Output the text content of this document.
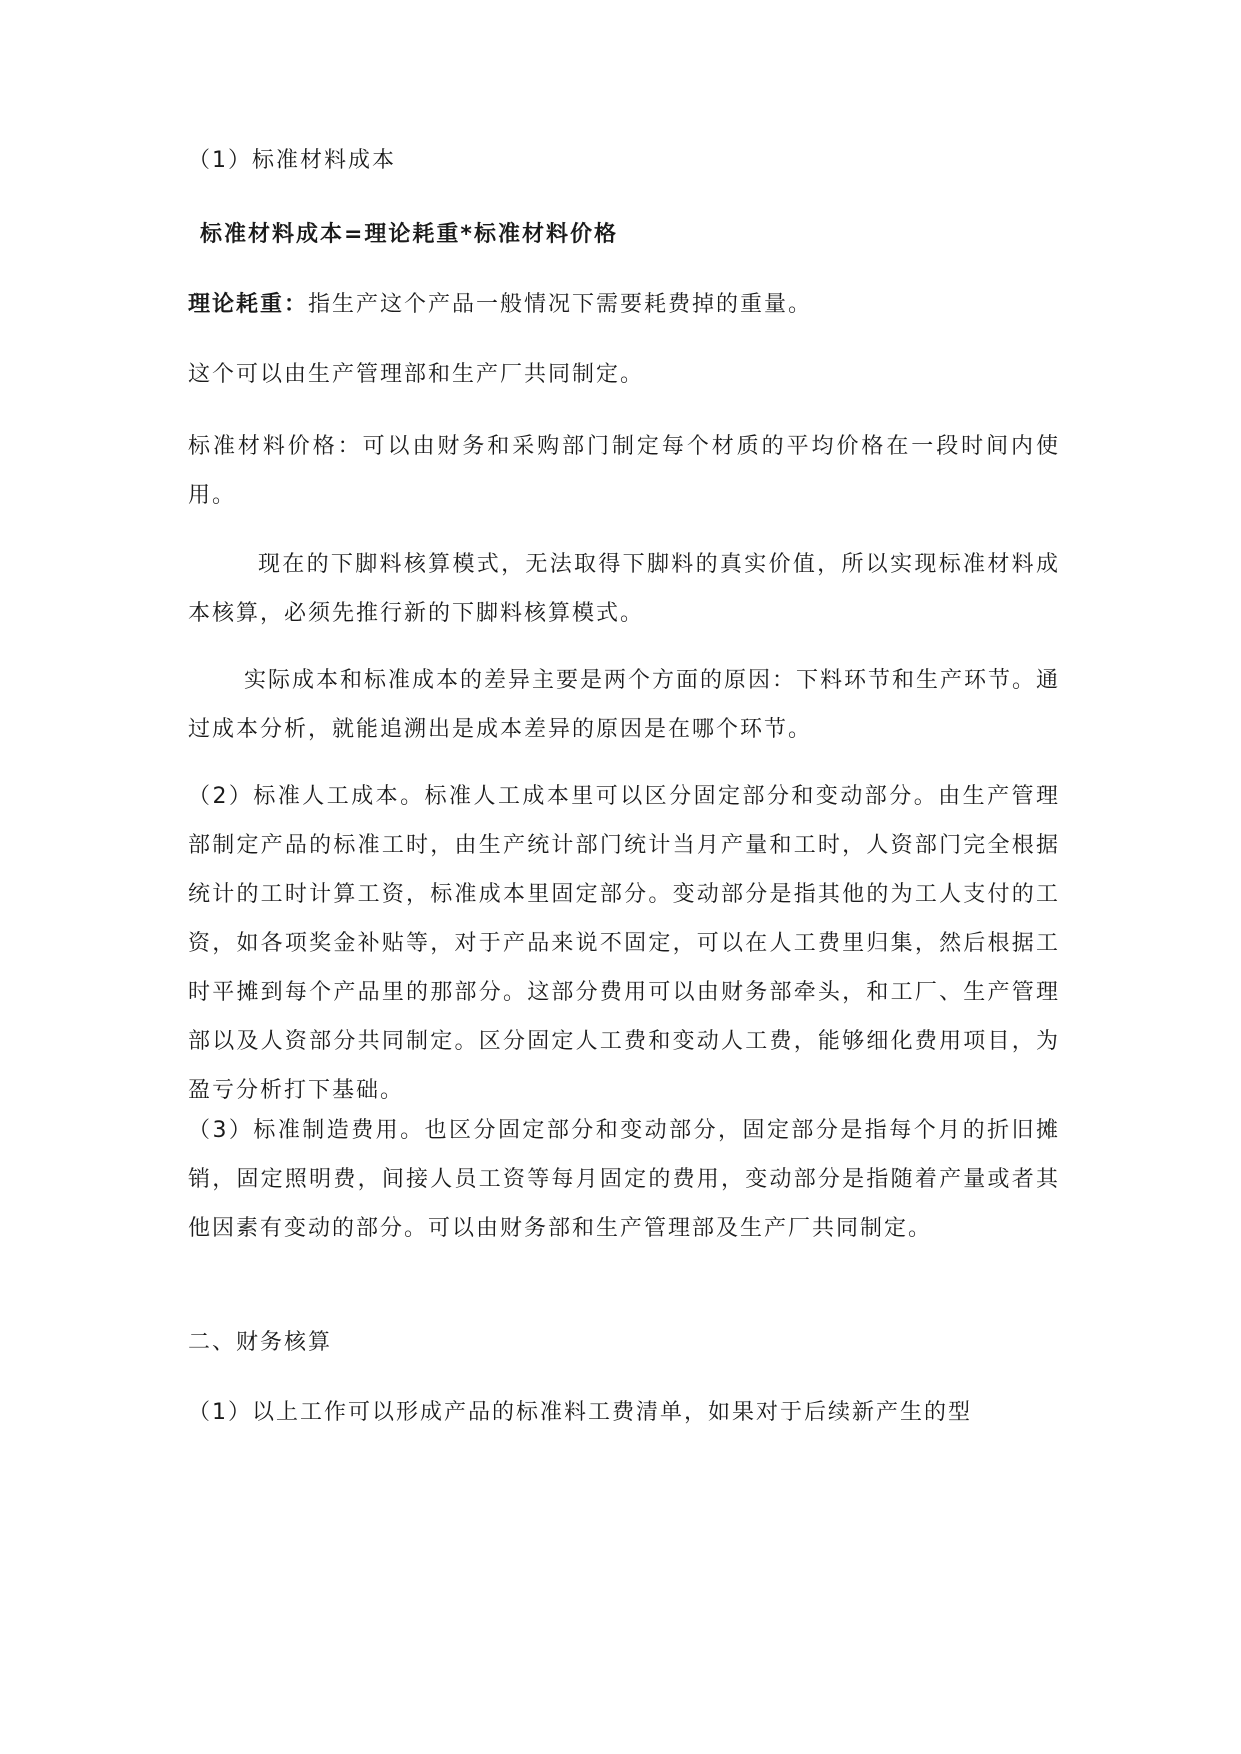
（1）标准材料成本

标准材料成本=理论耗重*标准材料价格

理论耗重：指生产这个产品一般情况下需要耗费掉的重量。

这个可以由生产管理部和生产厂共同制定。

标准材料价格：可以由财务和采购部门制定每个材质的平均价格在一段时间内使用。

现在的下脚料核算模式，无法取得下脚料的真实价值，所以实现标准材料成本核算，必须先推行新的下脚料核算模式。

实际成本和标准成本的差异主要是两个方面的原因：下料环节和生产环节。通过成本分析，就能追溯出是成本差异的原因是在哪个环节。

（2）标准人工成本。标准人工成本里可以区分固定部分和变动部分。由生产管理部制定产品的标准工时，由生产统计部门统计当月产量和工时，人资部门完全根据统计的工时计算工资，标准成本里固定部分。变动部分是指其他的为工人支付的工资，如各项奖金补贴等，对于产品来说不固定，可以在人工费里归集，然后根据工时平摊到每个产品里的那部分。这部分费用可以由财务部牵头，和工厂、生产管理部以及人资部分共同制定。区分固定人工费和变动人工费，能够细化费用项目，为盈亏分析打下基础。

（3）标准制造费用。也区分固定部分和变动部分，固定部分是指每个月的折旧摊销，固定照明费，间接人员工资等每月固定的费用，变动部分是指随着产量或者其他因素有变动的部分。可以由财务部和生产管理部及生产厂共同制定。

二、财务核算

（1）以上工作可以形成产品的标准料工费清单，如果对于后续新产生的型
